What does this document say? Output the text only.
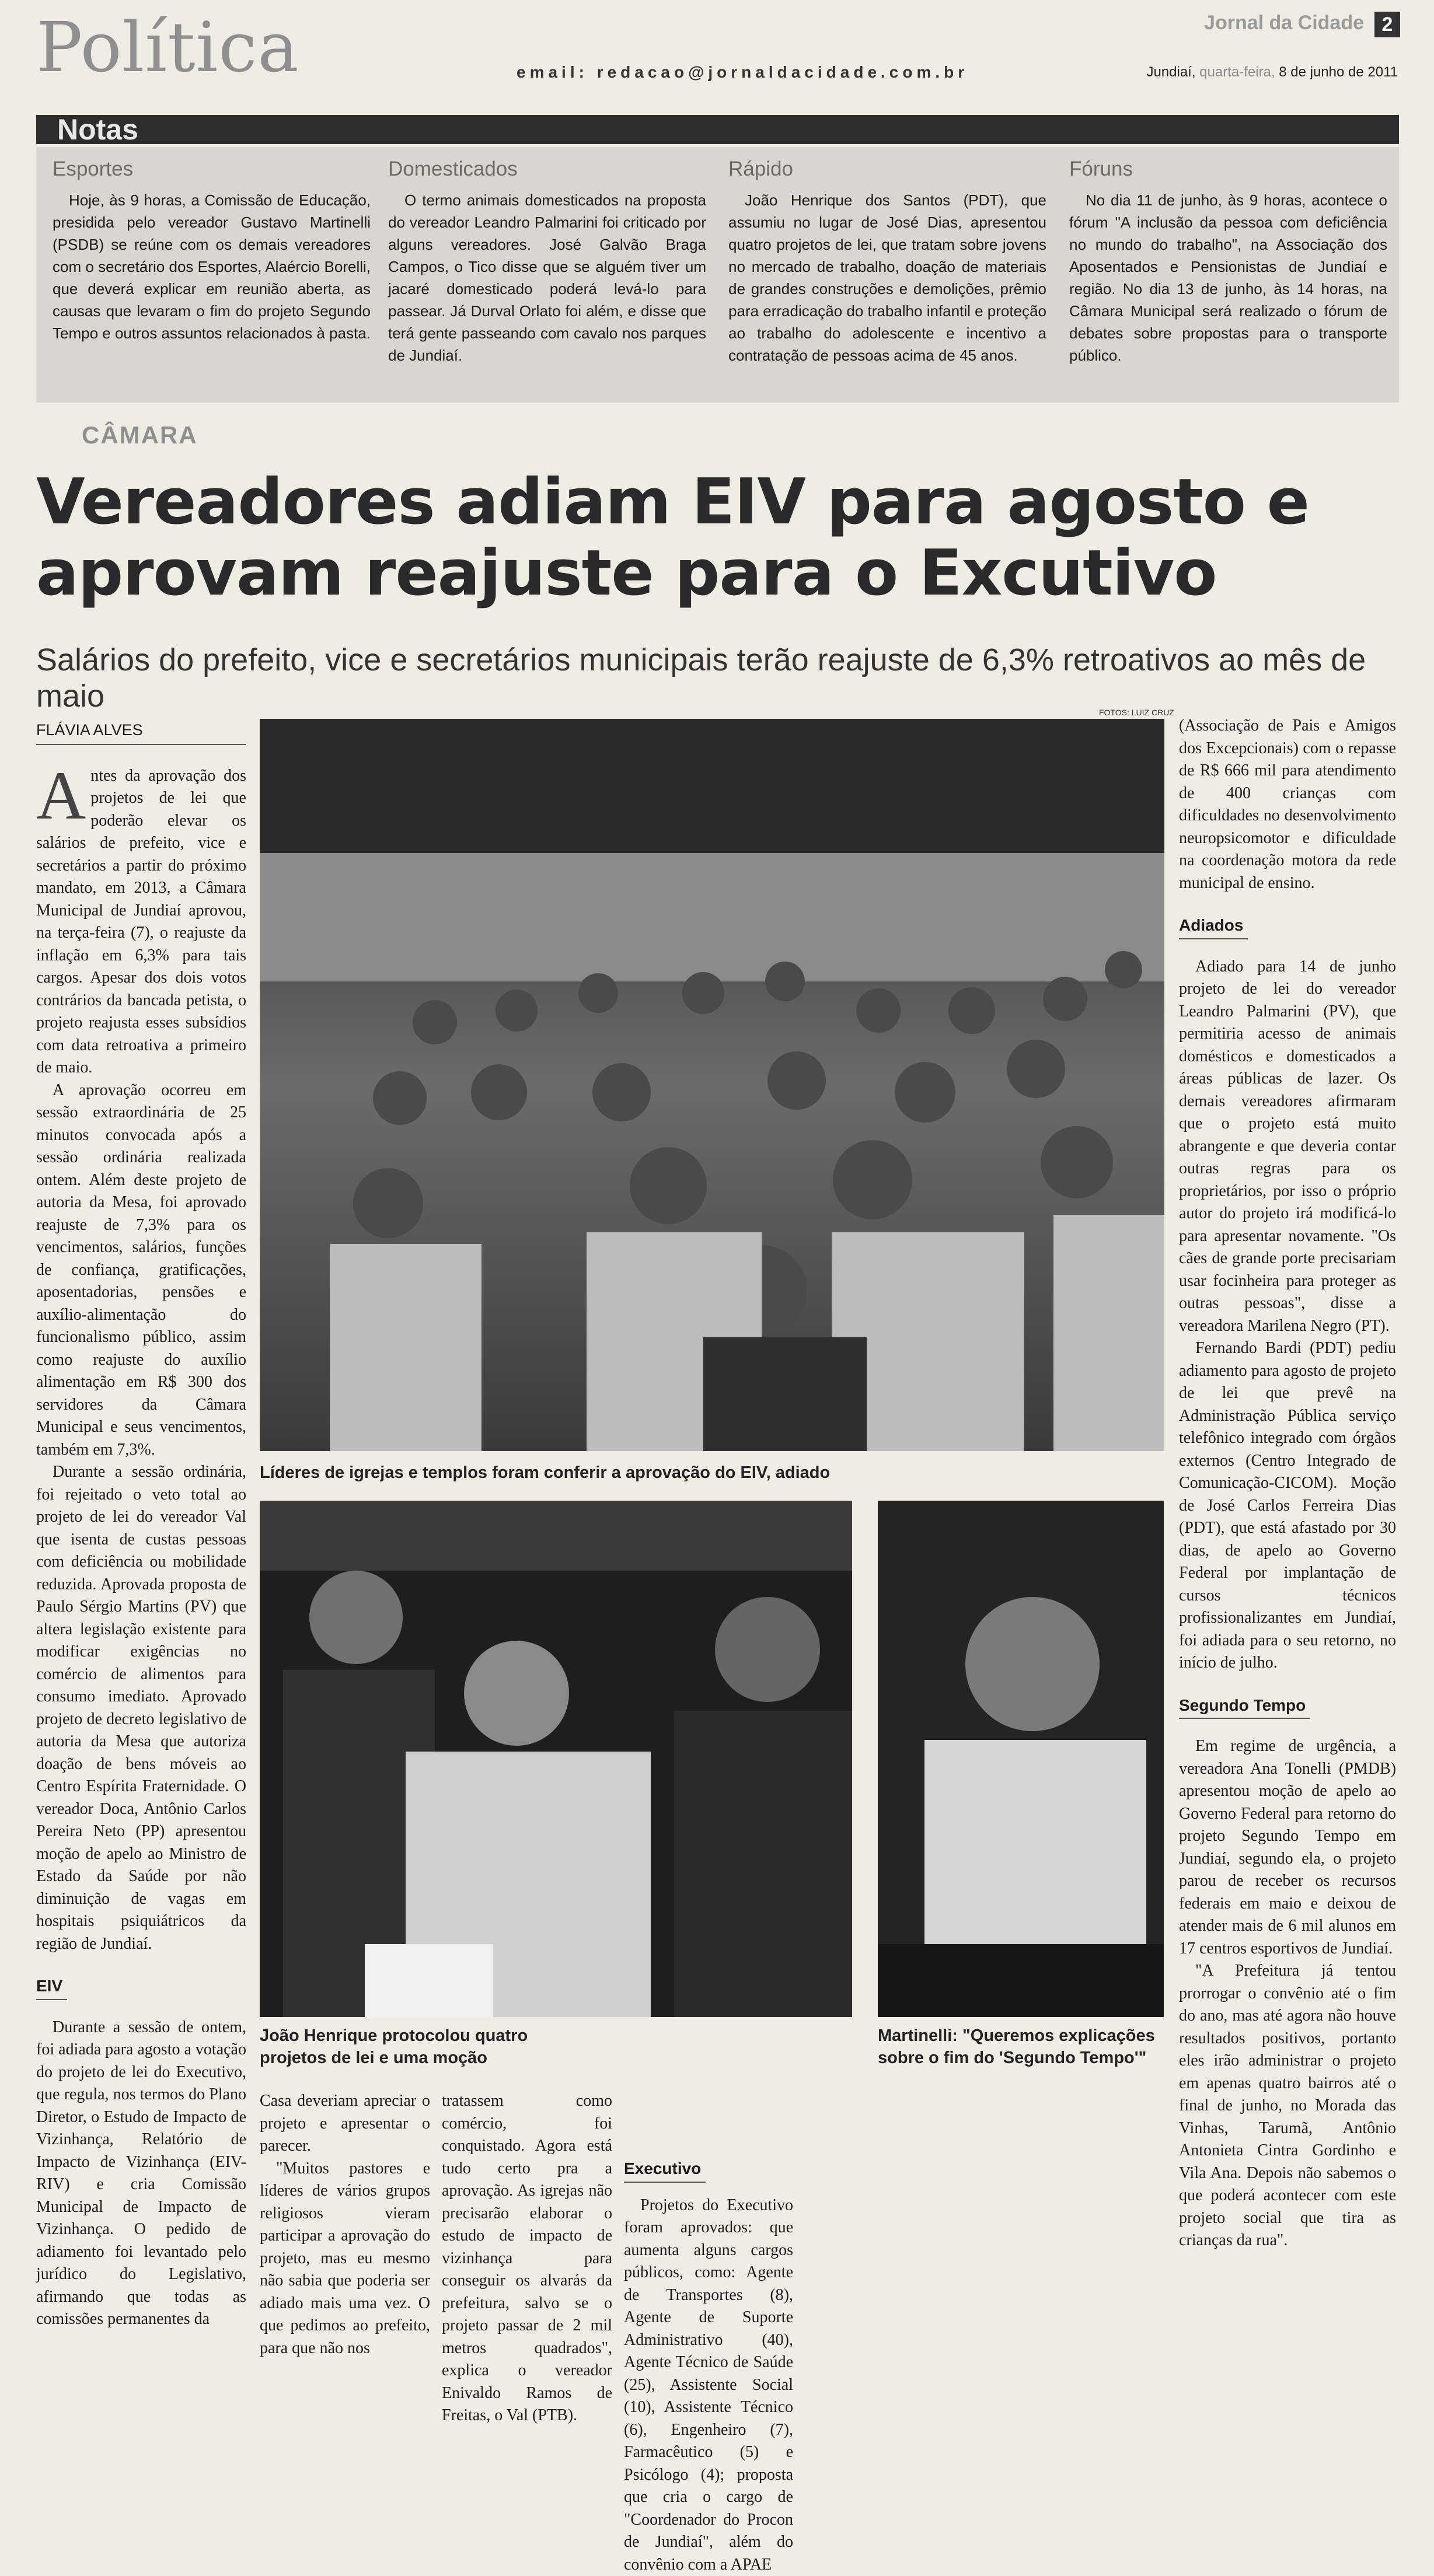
Política	Jornal da Cidade 2
email: redacao@jornaldacidade.com.br	Jundiaí, quarta-feira, 8 de junho de 2011
Notas
Esportes

Hoje, às 9 horas, a Comissão de Educação, presidida pelo vereador Gustavo Martinelli (PSDB) se reúne com os demais vereadores com o secretário dos Esportes, Alaércio Borelli, que deverá explicar em reunião aberta, as causas que levaram o fim do projeto Segundo Tempo e outros assuntos relacionados à pasta.

Domesticados

O termo animais domesticados na proposta do vereador Leandro Palmarini foi criticado por alguns vereadores. José Galvão Braga Campos, o Tico disse que se alguém tiver um jacaré domesticado poderá levá-lo para passear. Já Durval Orlato foi além, e disse que terá gente passeando com cavalo nos parques de Jundiaí.

Rápido

João Henrique dos Santos (PDT), que assumiu no lugar de José Dias, apresentou quatro projetos de lei, que tratam sobre jovens no mercado de trabalho, doação de materiais de grandes construções e demolições, prêmio para erradicação do trabalho infantil e proteção ao trabalho do adolescente e incentivo a contratação de pessoas acima de 45 anos.

Fóruns

No dia 11 de junho, às 9 horas, acontece o fórum "A inclusão da pessoa com deficiência no mundo do trabalho", na Associação dos Aposentados e Pensionistas de Jundiaí e região. No dia 13 de junho, às 14 horas, na Câmara Municipal será realizado o fórum de debates sobre propostas para o transporte público.

CÂMARA
Vereadores adiam EIV para agosto e aprovam reajuste para o Excutivo
Salários do prefeito, vice e secretários municipais terão reajuste de 6,3% retroativos ao mês de maio
FLÁVIA ALVES

Antes da aprovação dos projetos de lei que poderão elevar os salários de prefeito, vice e secretários a partir do próximo mandato, em 2013, a Câmara Municipal de Jundiaí aprovou, na terça-feira (7), o reajuste da inflação em 6,3% para tais cargos. Apesar dos dois votos contrários da bancada petista, o projeto reajusta esses subsídios com data retroativa a primeiro de maio.

A aprovação ocorreu em sessão extraordinária de 25 minutos convocada após a sessão ordinária realizada ontem. Além deste projeto de autoria da Mesa, foi aprovado reajuste de 7,3% para os vencimentos, salários, funções de confiança, gratificações, aposentadorias, pensões e auxílio-alimentação do funcionalismo público, assim como reajuste do auxílio alimentação em R$ 300 dos servidores da Câmara Municipal e seus vencimentos, também em 7,3%.

Durante a sessão ordinária, foi rejeitado o veto total ao projeto de lei do vereador Val que isenta de custas pessoas com deficiência ou mobilidade reduzida. Aprovada proposta de Paulo Sérgio Martins (PV) que altera legislação existente para modificar exigências no comércio de alimentos para consumo imediato. Aprovado projeto de decreto legislativo de autoria da Mesa que autoriza doação de bens móveis ao Centro Espírita Fraternidade. O vereador Doca, Antônio Carlos Pereira Neto (PP) apresentou moção de apelo ao Ministro de Estado da Saúde por não diminuição de vagas em hospitais psiquiátricos da região de Jundiaí.

EIV

Durante a sessão de ontem, foi adiada para agosto a votação do projeto de lei do Executivo, que regula, nos termos do Plano Diretor, o Estudo de Impacto de Vizinhança, Relatório de Impacto de Vizinhança (EIV-RIV) e cria Comissão Municipal de Impacto de Vizinhança. O pedido de adiamento foi levantado pelo jurídico do Legislativo, afirmando que todas as comissões permanentes da

FOTOS: LUIZ CRUZ
Líderes de igrejas e templos foram conferir a aprovação do EIV, adiado
João Henrique protocolou quatro projetos de lei e uma moção
Martinelli: "Queremos explicações sobre o fim do 'Segundo Tempo'"

Casa deveriam apreciar o projeto e apresentar o parecer.

"Muitos pastores e líderes de vários grupos religiosos vieram participar a aprovação do projeto, mas eu mesmo não sabia que poderia ser adiado mais uma vez. O que pedimos ao prefeito, para que não nos

tratassem como comércio, foi conquistado. Agora está tudo certo pra a aprovação. As igrejas não precisarão elaborar o estudo de impacto de vizinhança para conseguir os alvarás da prefeitura, salvo se o projeto passar de 2 mil metros quadrados", explica o vereador Enivaldo Ramos de Freitas, o Val (PTB).

Executivo

Projetos do Executivo foram aprovados: que aumenta alguns cargos públicos, como: Agente de Transportes (8), Agente de Suporte Administrativo (40), Agente Técnico de Saúde (25), Assistente Social (10), Assistente Técnico (6), Engenheiro (7), Farmacêutico (5) e Psicólogo (4); proposta que cria o cargo de "Coordenador do Procon de Jundiaí", além do convênio com a APAE

(Associação de Pais e Amigos dos Excepcionais) com o repasse de R$ 666 mil para atendimento de 400 crianças com dificuldades no desenvolvimento neuropsicomotor e dificuldade na coordenação motora da rede municipal de ensino.

Adiados

Adiado para 14 de junho projeto de lei do vereador Leandro Palmarini (PV), que permitiria acesso de animais domésticos e domesticados a áreas públicas de lazer. Os demais vereadores afirmaram que o projeto está muito abrangente e que deveria contar outras regras para os proprietários, por isso o próprio autor do projeto irá modificá-lo para apresentar novamente. "Os cães de grande porte precisariam usar focinheira para proteger as outras pessoas", disse a vereadora Marilena Negro (PT).

Fernando Bardi (PDT) pediu adiamento para agosto de projeto de lei que prevê na Administração Pública serviço telefônico integrado com órgãos externos (Centro Integrado de Comunicação-CICOM). Moção de José Carlos Ferreira Dias (PDT), que está afastado por 30 dias, de apelo ao Governo Federal por implantação de cursos técnicos profissionalizantes em Jundiaí, foi adiada para o seu retorno, no início de julho.

Segundo Tempo

Em regime de urgência, a vereadora Ana Tonelli (PMDB) apresentou moção de apelo ao Governo Federal para retorno do projeto Segundo Tempo em Jundiaí, segundo ela, o projeto parou de receber os recursos federais em maio e deixou de atender mais de 6 mil alunos em 17 centros esportivos de Jundiaí.

"A Prefeitura já tentou prorrogar o convênio até o fim do ano, mas até agora não houve resultados positivos, portanto eles irão administrar o projeto em apenas quatro bairros até o final de junho, no Morada das Vinhas, Tarumã, Antônio Antonieta Cintra Gordinho e Vila Ana. Depois não sabemos o que poderá acontecer com este projeto social que tira as crianças da rua".
